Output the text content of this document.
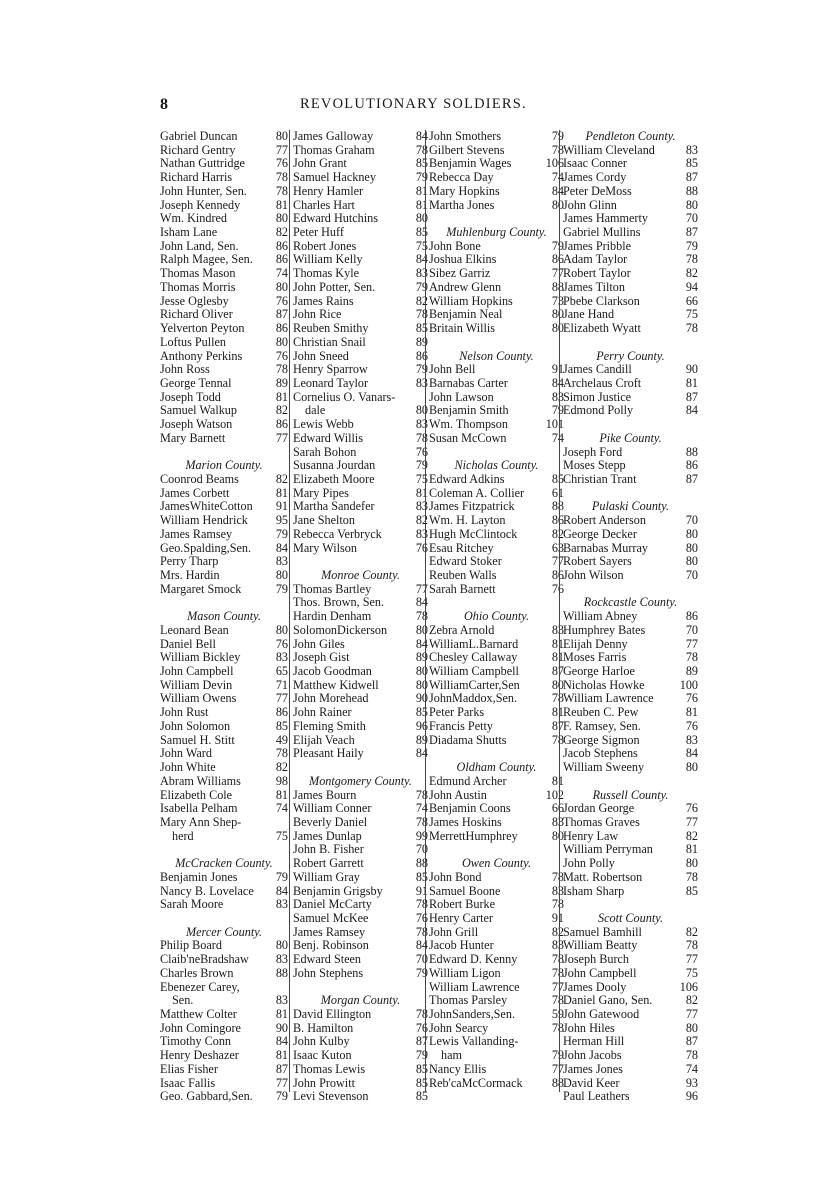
8	REVOLUTIONARY SOLDIERS.
Gabriel Duncan	80
Richard Gentry	77
Nathan Guttridge	76
Richard Harris	78
John Hunter, Sen. 78
Joseph Kennedy	81
Wm. Kindred	80
Isham Lane	82
John Land, Sen.	86
Ralph Magee, Sen. 86
Thomas Mason	74
Thomas Morris	80
Jesse Oglesby	76
Richard Oliver	87
Yelverton Peyton	86
Loftus Pullen	80
Anthony Perkins	76
John Ross	78
George Tennal	89
Joseph Todd	81
Samuel Walkup	82
Joseph Watson	86
Mary Barnett	77
Marion County.
Coonrod Beams	82
James Corbett	81
JamesWhiteCotton 91
William Hendrick 95
James Ramsey	79
Geo.Spalding,Sen. 84
Perry Tharp	83
Mrs. Hardin	80
Margaret Smock	79
Mason County.
Leonard Bean	80
Daniel Bell	76
William Bickley	83
John Campbell	65
William Devin	71
William Owens	77
John Rust	86
John Solomon	85
Samuel H. Stitt	49
John Ward	78
John White	82
Abram Williams	98
Elizabeth Cole	81
Isabella Pelham	74
Mary Ann Shep-
herd	75
McCracken County.
Benjamin Jones	79
Nancy B. Lovelace 84
Sarah Moore	83
Mercer County.
Philip Board	80
Claib'neBradshaw 83
Charles Brown	88
Ebenezer Carey,
Sen.	83
Matthew Colter	81
John Comingore	90
Timothy Conn	84
Henry Deshazer	81
Elias Fisher	87
Isaac Fallis	77
Geo. Gabbard,Sen. 79
James Galloway	84
Thomas Graham	78
John Grant	85
Samuel Hackney	79
Henry Hamler	81
Charles Hart	81
Edward Hutchins	80
Peter Huff	85
Robert Jones	75
William Kelly	84
Thomas Kyle	83
John Potter, Sen.	79
James Rains	82
John Rice	78
Reuben Smithy	85
Christian Snail	89
John Sneed	86
Henry Sparrow	79
Leonard Taylor	83
Cornelius O. Vanars-
dale	80
Lewis Webb	83
Edward Willis	78
Sarah Bohon	76
Susanna Jourdan	79
Elizabeth Moore	75
Mary Pipes	81
Martha Sandefer	83
Jane Shelton	82
Rebecca Verbryck	83
Mary Wilson	76
Monroe County.
Thomas Bartley	77
Thos. Brown, Sen.	84
Hardin Denham	78
SolomonDickerson 80
John Giles	84
Joseph Gist	89
Jacob Goodman	80
Matthew Kidwell	80
John Morehead	90
John Rainer	85
Fleming Smith	96
Elijah Veach	89
Pleasant Haily	84
Montgomery County.
James Bourn	78
William Conner	74
Beverly Daniel	78
James Dunlap	99
John B. Fisher	70
Robert Garrett	88
William Gray	85
Benjamin Grigsby	91
Daniel McCarty	78
Samuel McKee	76
James Ramsey	78
Benj. Robinson	84
Edward Steen	70
John Stephens	79
Morgan County.
David Ellington	78
B. Hamilton	76
John Kulby	87
Isaac Kuton	79
Thomas Lewis	85
John Prowitt	85
Levi Stevenson	85
John Smothers	79
Gilbert Stevens	78
Benjamin Wages	106
Rebecca Day	74
Mary Hopkins	84
Martha Jones	80
Muhlenburg County.
John Bone	79
Joshua Elkins	86
Sibez Garriz	77
Andrew Glenn	88
William Hopkins	73
Benjamin Neal	80
Britain Willis	80
Nelson County.
John Bell	91
Barnabas Carter	84
John Lawson	83
Benjamin Smith	79
Wm. Thompson	101
Susan McCown	74
Nicholas County.
Edward Adkins	85
Coleman A. Collier 61
James Fitzpatrick	88
Wm. H. Layton	86
Hugh McClintock	82
Esau Ritchey	63
Edward Stoker	77
Reuben Walls	86
Sarah Barnett	76
Ohio County.
Zebra Arnold	83
WilliamL.Barnard	81
Chesley Callaway	81
William Campbell	87
WilliamCarter,Sen	80
JohnMaddox,Sen.	78
Peter Parks	81
Francis Petty	87
Diadama Shutts	78
Oldham County.
Edmund Archer	81
John Austin	102
Benjamin Coons	66
James Hoskins	83
MerrettHumphrey	80
Owen County.
John Bond	78
Samuel Boone	83
Robert Burke	78
Henry Carter	91
John Grill	82
Jacob Hunter	83
Edward D. Kenny	78
William Ligon	78
William Lawrence	77
Thomas Parsley	78
JohnSanders,Sen.	59
John Searcy	78
Lewis Vallanding-
ham	79
Nancy Ellis	77
Reb'caMcCormack 88
Pendleton County.
William Cleveland	83
Isaac Conner	85
James Cordy	87
Peter DeMoss	88
John Glinn	80
James Hammerty	70
Gabriel Mullins	87
James Pribble	79
Adam Taylor	78
Robert Taylor	82
James Tilton	94
Pbebe Clarkson	66
Jane Hand	75
Elizabeth Wyatt	78
Perry County.
James Candill	90
Archelaus Croft	81
Simon Justice	87
Edmond Polly	84
Pike County.
Joseph Ford	88
Moses Stepp	86
Christian Trant	87
Pulaski County.
Robert Anderson	70
George Decker	80
Barnabas Murray	80
Robert Sayers	80
John Wilson	70
Rockcastle County.
William Abney	86
Humphrey Bates	70
Elijah Denny	77
Moses Farris	78
George Harloe	89
Nicholas Howke	100
William Lawrence	76
Reuben C. Pew	81
F. Ramsey, Sen.	76
George Sigmon	83
Jacob Stephens	84
William Sweeny	80
Russell County.
Jordan George	76
Thomas Graves	77
Henry Law	82
William Perryman	81
John Polly	80
Matt. Robertson	78
Isham Sharp	85
Scott County.
Samuel Bamhill	82
William Beatty	78
Joseph Burch	77
John Campbell	75
James Dooly	106
Daniel Gano, Sen.	82
John Gatewood	77
John Hiles	80
Herman Hill	87
John Jacobs	78
James Jones	74
David Keer	93
Paul Leathers	96
